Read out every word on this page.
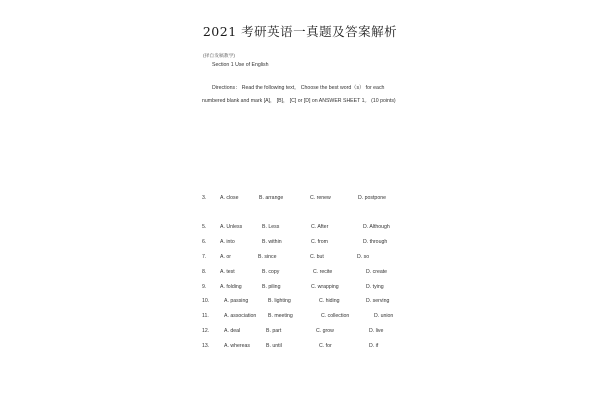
2021 考研英语一真题及答案解析
(择自发稿教学)
Section 1 Use of English
Directions： Read the following text。 Choose the best word（s） for each
numbered blank and mark [A]， [B]， [C] or [D] on ANSWER SHEET 1。 (10 points)
3.	A. close	B. arrange	C. renew	D. postpone
5.	A. Unless	B. Less	C. After	D. Although
6.	A. into	B. within	C. from	D. through
7.	A. or	B. since	C. but	D. so
8.	A. test	B. copy	C. recite	D. create
9.	A. folding	B. piling	C. wrapping	D. tying
10.	A. passing	B. lighting	C. hiding	D. serving
11.	A. association B. meeting	C. collection	D. union
12.	A. deal	B. part	C. grow	D. live
13.	A. whereas	B. until	C. for	D. if
